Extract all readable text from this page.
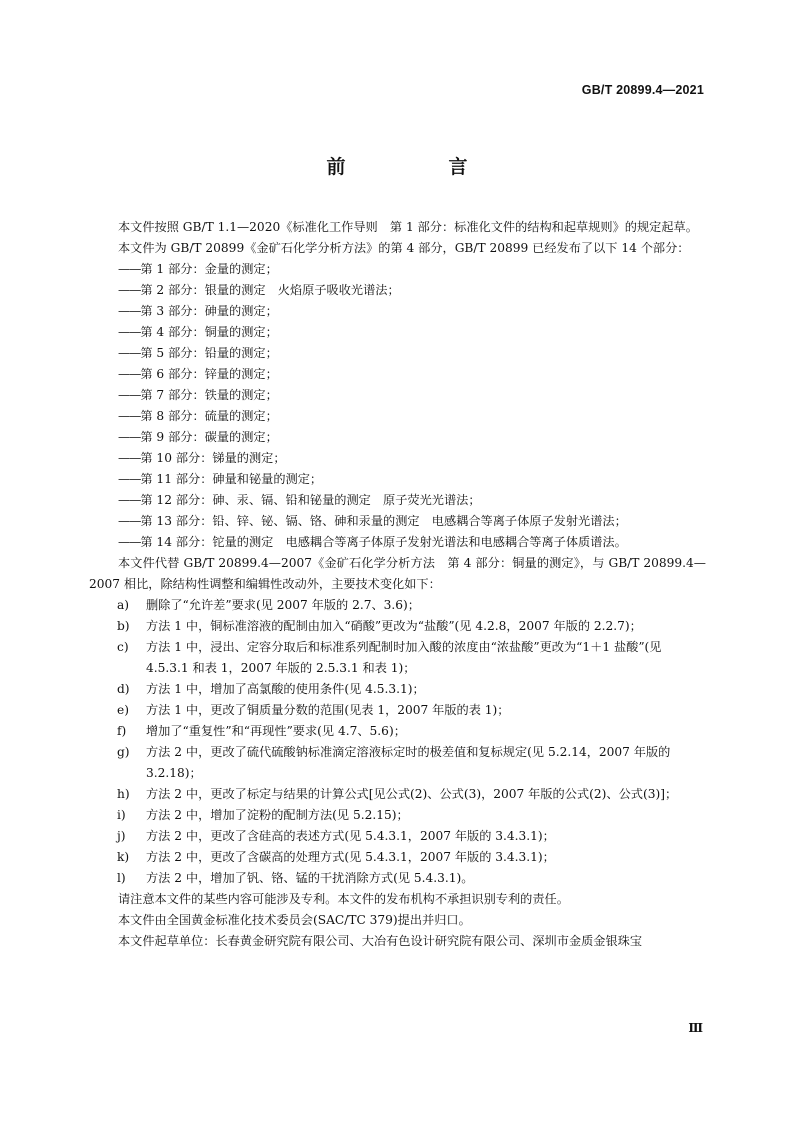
GB/T 20899.4—2021
前　言

本文件按照 GB/T 1.1—2020《标准化工作导则　第 1 部分：标准化文件的结构和起草规则》的规定起草。

本文件为 GB/T 20899《金矿石化学分析方法》的第 4 部分，GB/T 20899 已经发布了以下 14 个部分：

——第 1 部分：金量的测定；

——第 2 部分：银量的测定　火焰原子吸收光谱法；

——第 3 部分：砷量的测定；

——第 4 部分：铜量的测定；

——第 5 部分：铅量的测定；

——第 6 部分：锌量的测定；

——第 7 部分：铁量的测定；

——第 8 部分：硫量的测定；

——第 9 部分：碳量的测定；

——第 10 部分：锑量的测定；

——第 11 部分：砷量和铋量的测定；

——第 12 部分：砷、汞、镉、铅和铋量的测定　原子荧光光谱法；

——第 13 部分：铅、锌、铋、镉、铬、砷和汞量的测定　电感耦合等离子体原子发射光谱法；

——第 14 部分：铊量的测定　电感耦合等离子体原子发射光谱法和电感耦合等离子体质谱法。

本文件代替 GB/T 20899.4—2007《金矿石化学分析方法　第 4 部分：铜量的测定》，与 GB/T 20899.4—2007 相比，除结构性调整和编辑性改动外，主要技术变化如下：

a) 删除了“允许差”要求(见 2007 年版的 2.7、3.6)；

b) 方法 1 中，铜标准溶液的配制由加入“硝酸”更改为“盐酸”(见 4.2.8，2007 年版的 2.2.7)；

c) 方法 1 中，浸出、定容分取后和标准系列配制时加入酸的浓度由“浓盐酸”更改为“1＋1 盐酸”(见 4.5.3.1 和表 1，2007 年版的 2.5.3.1 和表 1)；

d) 方法 1 中，增加了高氯酸的使用条件(见 4.5.3.1)；

e) 方法 1 中，更改了铜质量分数的范围(见表 1，2007 年版的表 1)；

f) 增加了“重复性”和“再现性”要求(见 4.7、5.6)；

g) 方法 2 中，更改了硫代硫酸钠标准滴定溶液标定时的极差值和复标规定(见 5.2.14，2007 年版的 3.2.18)；

h) 方法 2 中，更改了标定与结果的计算公式[见公式(2)、公式(3)，2007 年版的公式(2)、公式(3)]；

i) 方法 2 中，增加了淀粉的配制方法(见 5.2.15)；

j) 方法 2 中，更改了含硅高的表述方式(见 5.4.3.1，2007 年版的 3.4.3.1)；

k) 方法 2 中，更改了含碳高的处理方式(见 5.4.3.1，2007 年版的 3.4.3.1)；

l) 方法 2 中，增加了钒、铬、锰的干扰消除方式(见 5.4.3.1)。

请注意本文件的某些内容可能涉及专利。本文件的发布机构不承担识别专利的责任。

本文件由全国黄金标准化技术委员会(SAC/TC 379)提出并归口。

本文件起草单位：长春黄金研究院有限公司、大冶有色设计研究院有限公司、深圳市金质金银珠宝

Ⅲ
